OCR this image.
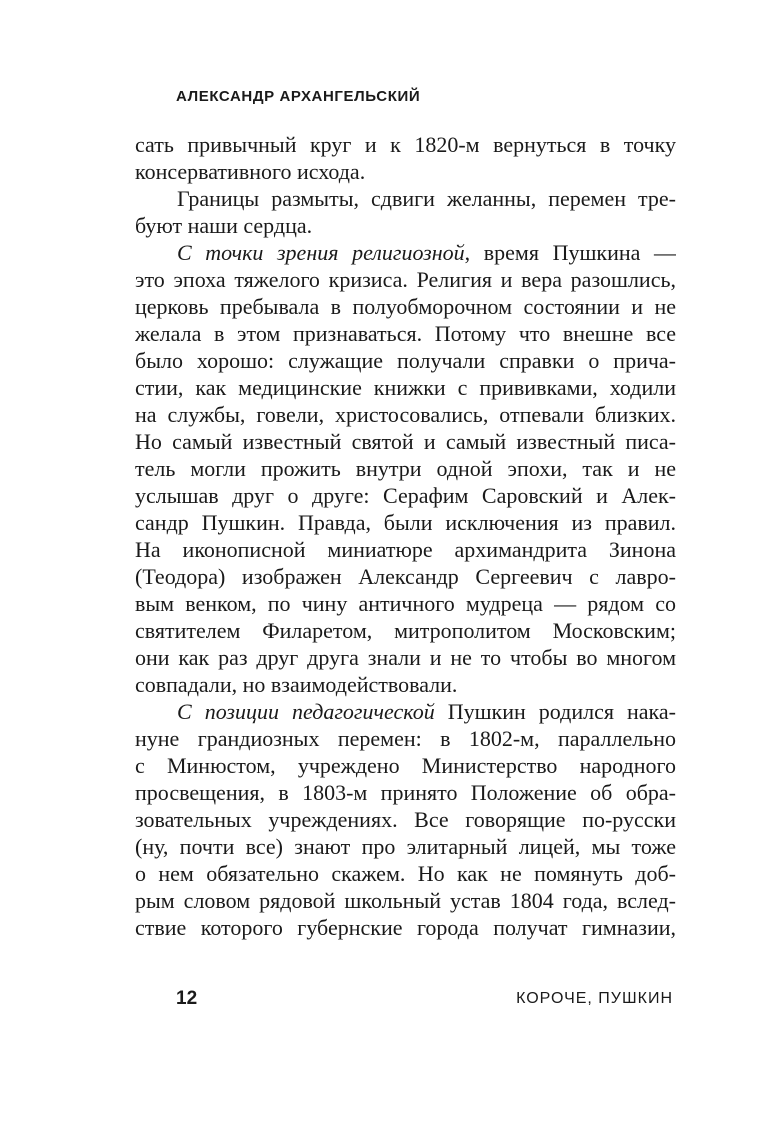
АЛЕКСАНДР АРХАНГЕЛЬСКИЙ
сать привычный круг и к 1820-м вернуться в точку
консервативного исхода.
Границы размыты, сдвиги желанны, перемен тре-
буют наши сердца.
С точки зрения религиозной, время Пушкина —
это эпоха тяжелого кризиса. Религия и вера разошлись,
церковь пребывала в полуобморочном состоянии и не
желала в этом признаваться. Потому что внешне все
было хорошо: служащие получали справки о прича-
стии, как медицинские книжки с прививками, ходили
на службы, говели, христосовались, отпевали близких.
Но самый известный святой и самый известный писа-
тель могли прожить внутри одной эпохи, так и не
услышав друг о друге: Серафим Саровский и Алек-
сандр Пушкин. Правда, были исключения из правил.
На иконописной миниатюре архимандрита Зинона
(Теодора) изображен Александр Сергеевич с лавро-
вым венком, по чину античного мудреца — рядом со
святителем Филаретом, митрополитом Московским;
они как раз друг друга знали и не то чтобы во многом
совпадали, но взаимодействовали.
С позиции педагогической Пушкин родился нака-
нуне грандиозных перемен: в 1802-м, параллельно
с Минюстом, учреждено Министерство народного
просвещения, в 1803-м принято Положение об обра-
зовательных учреждениях. Все говорящие по-русски
(ну, почти все) знают про элитарный лицей, мы тоже
о нем обязательно скажем. Но как не помянуть доб-
рым словом рядовой школьный устав 1804 года, вслед-
ствие которого губернские города получат гимназии,
12	КОРОЧЕ, ПУШКИН
